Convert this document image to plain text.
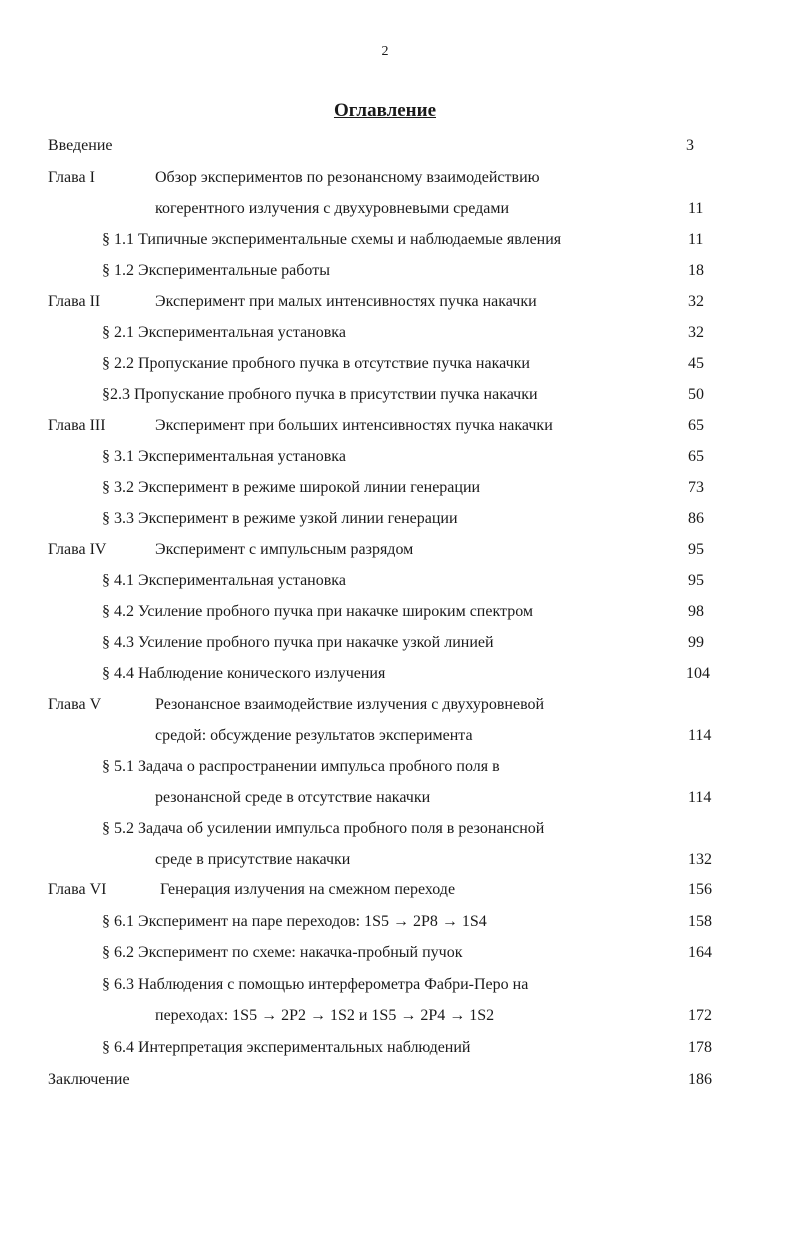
2
Оглавление
Введение	3
Глава I	Обзор экспериментов по резонансному взаимодействию
когерентного излучения с двухуровневыми средами	11
§ 1.1 Типичные экспериментальные схемы и наблюдаемые явления	11
§ 1.2 Экспериментальные работы	18
Глава II	Эксперимент при малых интенсивностях пучка накачки	32
§ 2.1 Экспериментальная установка	32
§ 2.2 Пропускание пробного пучка в отсутствие пучка накачки	45
§2.3 Пропускание пробного пучка в присутствии пучка накачки	50
Глава III	Эксперимент при больших интенсивностях пучка накачки	65
§ 3.1 Экспериментальная установка	65
§ 3.2 Эксперимент в режиме широкой линии генерации	73
§ 3.3 Эксперимент в режиме узкой линии генерации	86
Глава IV	Эксперимент с импульсным разрядом	95
§ 4.1 Экспериментальная установка	95
§ 4.2 Усиление пробного пучка при накачке широким спектром	98
§ 4.3 Усиление пробного пучка при накачке узкой линией	99
§ 4.4 Наблюдение конического излучения	104
Глава V	Резонансное взаимодействие излучения с двухуровневой
средой: обсуждение результатов эксперимента	114
§ 5.1 Задача о распространении импульса пробного поля в
резонансной среде в отсутствие накачки	114
§ 5.2 Задача об усилении импульса пробного поля в резонансной
среде в присутствие накачки	132
Глава VI	Генерация излучения на смежном переходе	156
§ 6.1 Эксперимент на паре переходов: 1S5 → 2P8 → 1S4	158
§ 6.2 Эксперимент по схеме: накачка-пробный пучок	164
§ 6.3 Наблюдения с помощью интерферометра Фабри-Перо на
переходах: 1S5 → 2P2 → 1S2 и 1S5 → 2P4 → 1S2	172
§ 6.4 Интерпретация экспериментальных наблюдений	178
Заключение	186
